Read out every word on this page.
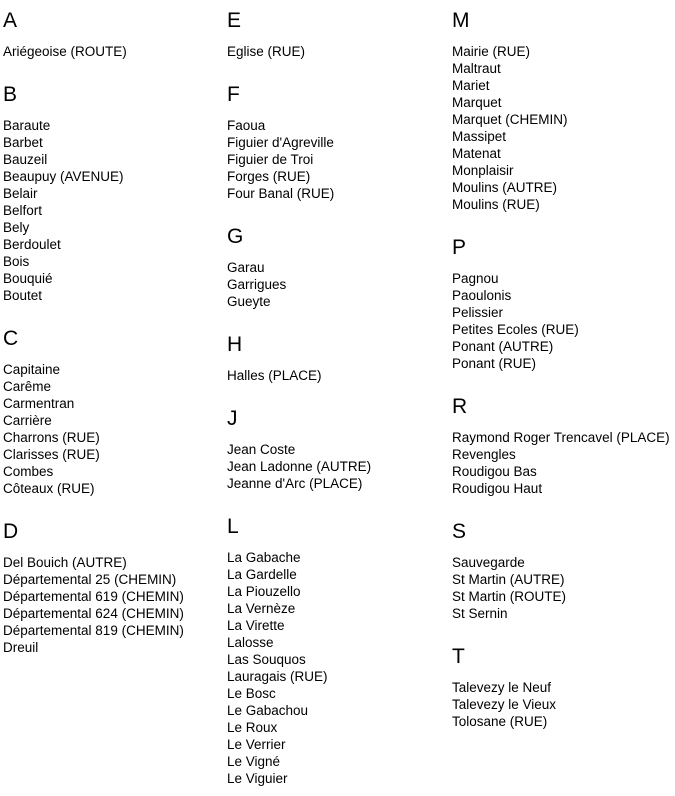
A
Ariégeoise (ROUTE)
B
Baraute
Barbet
Bauzeil
Beaupuy (AVENUE)
Belair
Belfort
Bely
Berdoulet
Bois
Bouquié
Boutet
C
Capitaine
Carême
Carmentran
Carrière
Charrons (RUE)
Clarisses (RUE)
Combes
Côteaux (RUE)
D
Del Bouich (AUTRE)
Départemental 25 (CHEMIN)
Départemental 619 (CHEMIN)
Départemental 624 (CHEMIN)
Départemental 819 (CHEMIN)
Dreuil
E
Eglise (RUE)
F
Faoua
Figuier d'Agreville
Figuier de Troi
Forges (RUE)
Four Banal (RUE)
G
Garau
Garrigues
Gueyte
H
Halles (PLACE)
J
Jean Coste
Jean Ladonne (AUTRE)
Jeanne d'Arc (PLACE)
L
La Gabache
La Gardelle
La Piouzello
La Vernèze
La Virette
Lalosse
Las Souquos
Lauragais (RUE)
Le Bosc
Le Gabachou
Le Roux
Le Verrier
Le Vigné
Le Viguier
M
Mairie (RUE)
Maltraut
Mariet
Marquet
Marquet (CHEMIN)
Massipet
Matenat
Monplaisir
Moulins (AUTRE)
Moulins (RUE)
P
Pagnou
Paoulonis
Pelissier
Petites Ecoles (RUE)
Ponant (AUTRE)
Ponant (RUE)
R
Raymond Roger Trencavel (PLACE)
Revengles
Roudigou Bas
Roudigou Haut
S
Sauvegarde
St Martin (AUTRE)
St Martin (ROUTE)
St Sernin
T
Talevezy le Neuf
Talevezy le Vieux
Tolosane (RUE)
